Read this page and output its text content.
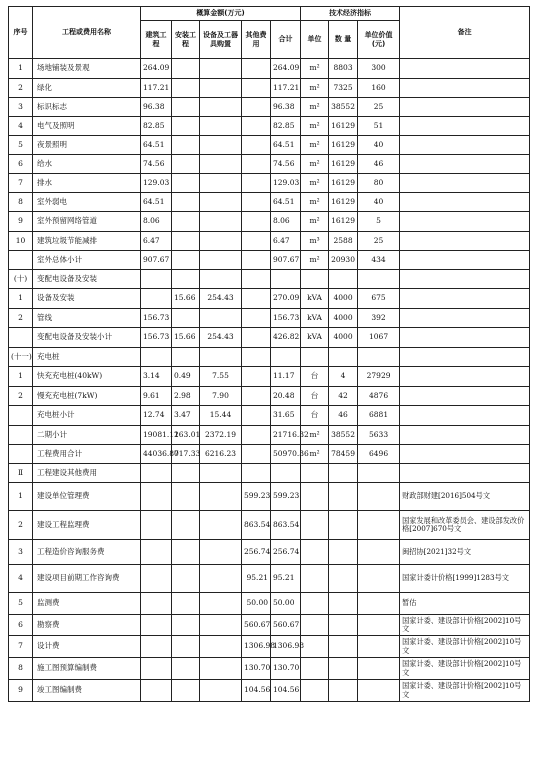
序号	工程或费用名称	概算金额(万元)					技术经济指标			备注
		建筑工程	安装工程	设备及工器具购置	其他费用	合计	单位	数 量	单位价值(元)	
1	场地铺装及景观	264.09				264.09	m²	8803	300	
2	绿化	117.21				117.21	m²	7325	160	
3	标识标志	96.38				96.38	m²	38552	25	
4	电气及照明	82.85				82.85	m²	16129	51	
5	夜景照明	64.51				64.51	m²	16129	40	
6	给水	74.56				74.56	m²	16129	46	
7	排水	129.03				129.03	m²	16129	80	
8	室外弱电	64.51				64.51	m²	16129	40	
9	室外预留网络管道	8.06				8.06	m²	16129	5	
10	建筑垃圾节能减排	6.47				6.47	m³	2588	25	
	室外总体小计	907.67				907.67	m²	20930	434	
(十)	变配电设备及安装									
1	设备及安装		15.66	254.43		270.09	kVA	4000	675	
2	管线	156.73				156.73	kVA	4000	392	
	变配电设备及安装小计	156.73	15.66	254.43		426.82	kVA	4000	1067	
(十一)	充电桩									
1	快充充电桩(40kW)	3.14	0.49	7.55		11.17	台	4	27929	
2	慢充充电桩(7kW)	9.61	2.98	7.90		20.48	台	42	4876	
	充电桩小计	12.74	3.47	15.44		31.65	台	46	6881	
	二期小计	19081.11	263.01	2372.19		21716.32	m²	38552	5633	
	工程费用合计	44036.80	717.33	6216.23		50970.36	m²	78459	6496	
Ⅱ	工程建设其他费用									
1	建设单位管理费				599.23	599.23				财政部财建[2016]504号文
2	建设工程监理费				863.54	863.54				国家发展和改革委员会、建设部发改价格[2007]670号文
3	工程造价咨询服务费				256.74	256.74				闽招协[2021]32号文
4	建设项目前期工作咨询费				95.21	95.21				国家计委计价格[1999]1283号文
5	监测费				50.00	50.00				暂估
6	勘察费				560.67	560.67				国家计委、建设部计价格[2002]10号文
7	设计费				1306.98	1306.98				国家计委、建设部计价格[2002]10号文
8	施工图预算编制费				130.70	130.70				国家计委、建设部计价格[2002]10号文
9	竣工图编制费				104.56	104.56				国家计委、建设部计价格[2002]10号文
